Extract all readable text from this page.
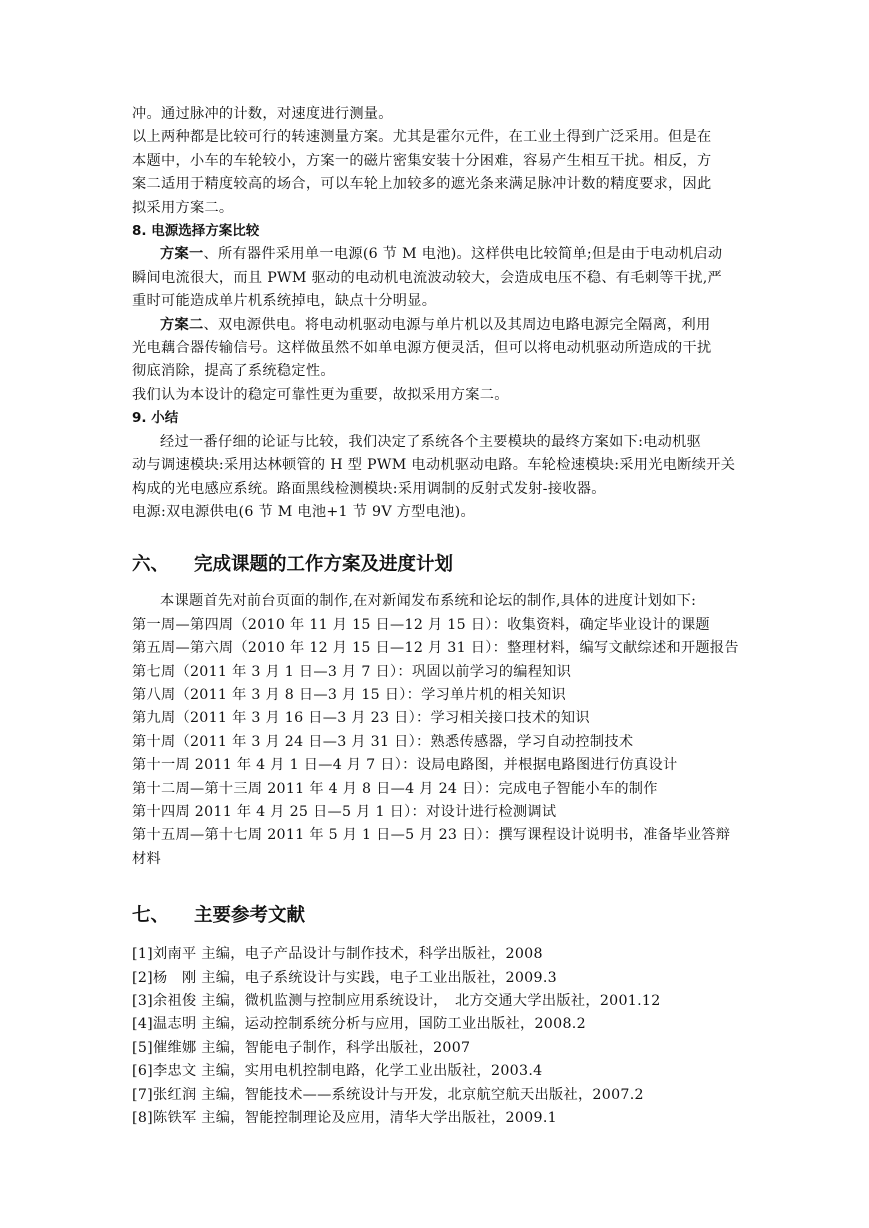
冲。通过脉冲的计数，对速度进行测量。
以上两种都是比较可行的转速测量方案。尤其是霍尔元件，在工业土得到广泛采用。但是在
本题中，小车的车轮较小，方案一的磁片密集安装十分困难，容易产生相互干扰。相反，方
案二适用于精度较高的场合，可以车轮上加较多的遮光条来满足脉冲计数的精度要求，因此
拟采用方案二。
8. 电源选择方案比较
方案一、所有器件采用单一电源(6 节 M 电池)。这样供电比较简单;但是由于电动机启动
瞬间电流很大，而且 PWM 驱动的电动机电流波动较大，会造成电压不稳、有毛刺等干扰,严
重时可能造成单片机系统掉电，缺点十分明显。
方案二、双电源供电。将电动机驱动电源与单片机以及其周边电路电源完全隔离，利用
光电藕合器传输信号。这样做虽然不如单电源方便灵活，但可以将电动机驱动所造成的干扰
彻底消除，提高了系统稳定性。
我们认为本设计的稳定可靠性更为重要，故拟采用方案二。
9. 小结
经过一番仔细的论证与比较，我们决定了系统各个主要模块的最终方案如下:电动机驱
动与调速模块:采用达林顿管的 H 型 PWM 电动机驱动电路。车轮检速模块:采用光电断续开关
构成的光电感应系统。路面黑线检测模块:采用调制的反射式发射-接收器。
电源:双电源供电(6 节 M 电池+1 节 9V 方型电池)。
六、 完成课题的工作方案及进度计划
本课题首先对前台页面的制作,在对新闻发布系统和论坛的制作,具体的进度计划如下:
第一周—第四周（2010 年 11 月 15 日—12 月 15 日）：收集资料，确定毕业设计的课题
第五周—第六周（2010 年 12 月 15 日—12 月 31 日）：整理材料，编写文献综述和开题报告
第七周（2011 年 3 月 1 日—3 月 7 日）：巩固以前学习的编程知识
第八周（2011 年 3 月 8 日—3 月 15 日）：学习单片机的相关知识
第九周（2011 年 3 月 16 日—3 月 23 日）：学习相关接口技术的知识
第十周（2011 年 3 月 24 日—3 月 31 日）：熟悉传感器，学习自动控制技术
第十一周 2011 年 4 月 1 日—4 月 7 日）：设局电路图，并根据电路图进行仿真设计
第十二周—第十三周 2011 年 4 月 8 日—4 月 24 日）：完成电子智能小车的制作
第十四周 2011 年 4 月 25 日—5 月 1 日）：对设计进行检测调试
第十五周—第十七周 2011 年 5 月 1 日—5 月 23 日）：撰写课程设计说明书，准备毕业答辩
材料
七、 主要参考文献
[1]刘南平 主编，电子产品设计与制作技术，科学出版社，2008
[2]杨　刚 主编，电子系统设计与实践，电子工业出版社，2009.3
[3]余祖俊 主编，微机监测与控制应用系统设计，　北方交通大学出版社，2001.12
[4]温志明 主编，运动控制系统分析与应用，国防工业出版社，2008.2
[5]催维娜 主编，智能电子制作，科学出版社，2007
[6]李忠文 主编，实用电机控制电路，化学工业出版社，2003.4
[7]张红润 主编，智能技术——系统设计与开发，北京航空航天出版社，2007.2
[8]陈铁军 主编，智能控制理论及应用，清华大学出版社，2009.1
